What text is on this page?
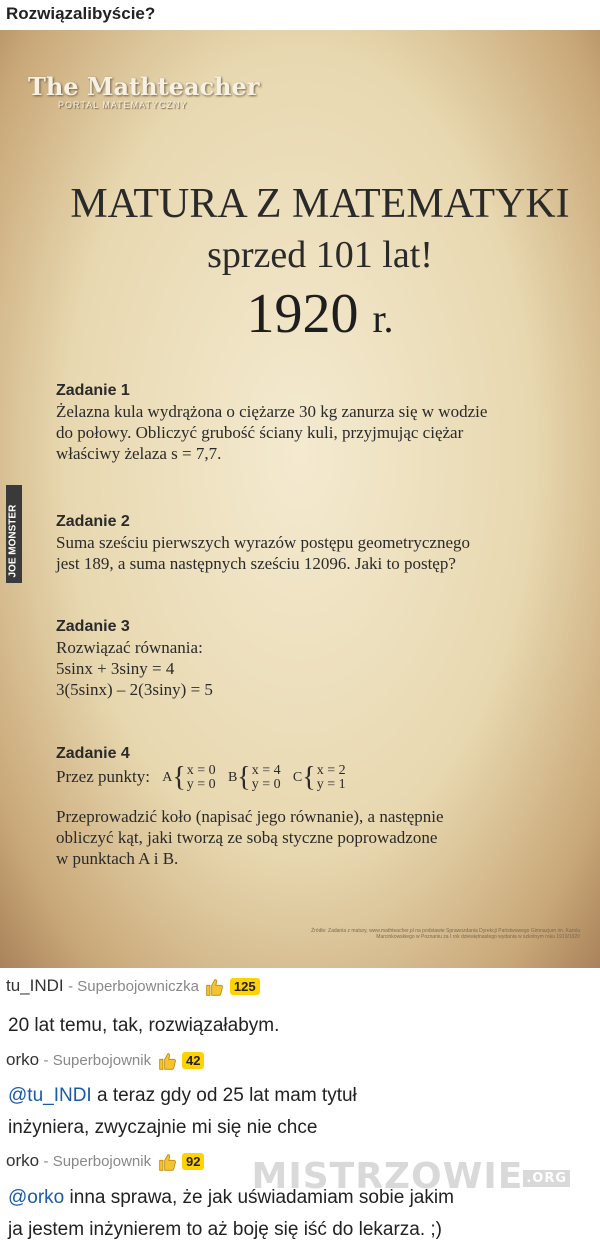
Rozwiązalibyście?
The Mathteacher
PORTAL MATEMATYCZNY
JOE MONSTER
MATURA Z MATEMATYKI
sprzed 101 lat!
1920 r.
Zadanie 1
Żelazna kula wydrążona o ciężarze 30 kg zanurza się w wodzie
do połowy. Obliczyć grubość ściany kuli, przyjmując ciężar
właściwy żelaza s = 7,7.
Zadanie 2
Suma sześciu pierwszych wyrazów postępu geometrycznego
jest 189, a suma następnych sześciu 12096. Jaki to postęp?
Zadanie 3
Rozwiązać równania:
5sinx + 3siny = 4
3(5sinx) – 2(3siny) = 5
Zadanie 4
Przez punkty: A{x = 0
y = 0 B{x = 4
y = 0 C{x = 2
y = 1
Przeprowadzić koło (napisać jego równanie), a następnie
obliczyć kąt, jaki tworzą ze sobą styczne poprowadzone
w punktach A i B.
Źródło: Zadania z matury, www.mathteacher.pl na podstawie Sprawozdania Dyrekcji Państwowego Gimnazjum im. Karola Marcinkowskiego w Poznaniu za I rok dziewiętnastego wydania w szkolnym roku 1919/1920
tu_INDI - Superbojowniczka	125
20 lat temu, tak, rozwiązałabym.
orko - Superbojownik	42
@tu_INDI a teraz gdy od 25 lat mam tytuł
inżyniera, zwyczajnie mi się nie chce
MISTRZOWIE .ORG
orko - Superbojownik	92
@orko inna sprawa, że jak uświadamiam sobie jakim
ja jestem inżynierem to aż boję się iść do lekarza. ;)
